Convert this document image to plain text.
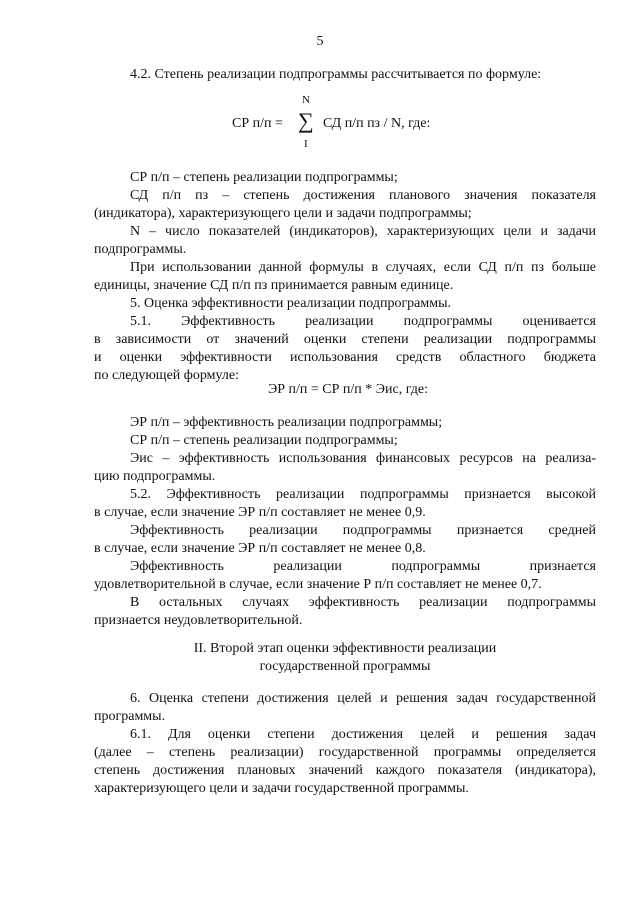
5
4.2. Степень реализации подпрограммы рассчитывается по формуле:
N
СР п/п = ∑ СД п/п пз / N, где:
I
СР п/п – степень реализации подпрограммы;
СД п/п пз – степень достижения планового значения показателя
(индикатора), характеризующего цели и задачи подпрограммы;
N – число показателей (индикаторов), характеризующих цели и задачи
подпрограммы.
При использовании данной формулы в случаях, если СД п/п пз больше
единицы, значение СД п/п пз принимается равным единице.
5. Оценка эффективности реализации подпрограммы.
5.1. Эффективность реализации подпрограммы оценивается
в зависимости от значений оценки степени реализации подпрограммы
и оценки эффективности использования средств областного бюджета
по следующей формуле:
ЭР п/п = СР п/п * Эис, где:
ЭР п/п – эффективность реализации подпрограммы;
СР п/п – степень реализации подпрограммы;
Эис – эффективность использования финансовых ресурсов на реализа-
цию подпрограммы.
5.2. Эффективность реализации подпрограммы признается высокой
в случае, если значение ЭР п/п составляет не менее 0,9.
Эффективность реализации подпрограммы признается средней
в случае, если значение ЭР п/п составляет не менее 0,8.
Эффективность реализации подпрограммы признается
удовлетворительной в случае, если значение Р п/п составляет не менее 0,7.
В остальных случаях эффективность реализации подпрограммы
признается неудовлетворительной.
II. Второй этап оценки эффективности реализации
государственной программы
6. Оценка степени достижения целей и решения задач государственной
программы.
6.1. Для оценки степени достижения целей и решения задач
(далее – степень реализации) государственной программы определяется
степень достижения плановых значений каждого показателя (индикатора),
характеризующего цели и задачи государственной программы.
